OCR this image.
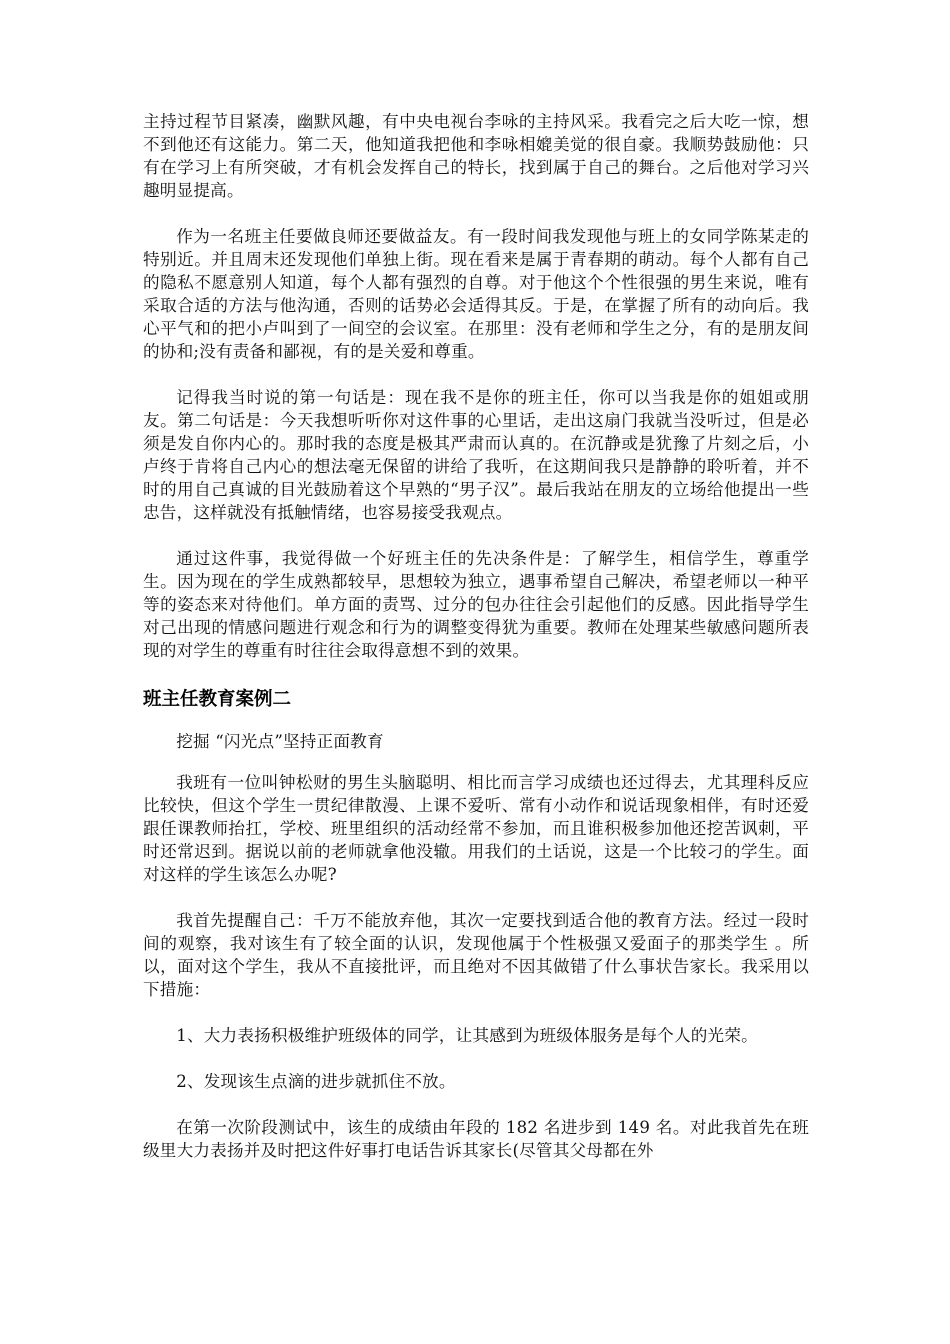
主持过程节目紧凑，幽默风趣，有中央电视台李咏的主持风采。我看完之后大吃一惊，想不到他还有这能力。第二天，他知道我把他和李咏相媲美觉的很自豪。我顺势鼓励他：只有在学习上有所突破，才有机会发挥自己的特长，找到属于自己的舞台。之后他对学习兴趣明显提高。

作为一名班主任要做良师还要做益友。有一段时间我发现他与班上的女同学陈某走的特别近。并且周末还发现他们单独上街。现在看来是属于青春期的萌动。每个人都有自己的隐私不愿意别人知道，每个人都有强烈的自尊。对于他这个个性很强的男生来说，唯有采取合适的方法与他沟通，否则的话势必会适得其反。于是，在掌握了所有的动向后。我心平气和的把小卢叫到了一间空的会议室。在那里：没有老师和学生之分，有的是朋友间的协和;没有责备和鄙视，有的是关爱和尊重。

记得我当时说的第一句话是：现在我不是你的班主任，你可以当我是你的姐姐或朋友。第二句话是：今天我想听听你对这件事的心里话，走出这扇门我就当没听过，但是必须是发自你内心的。那时我的态度是极其严肃而认真的。在沉静或是犹豫了片刻之后，小卢终于肯将自己内心的想法毫无保留的讲给了我听，在这期间我只是静静的聆听着，并不时的用自己真诚的目光鼓励着这个早熟的“男子汉”。最后我站在朋友的立场给他提出一些忠告，这样就没有抵触情绪，也容易接受我观点。

通过这件事，我觉得做一个好班主任的先决条件是：了解学生，相信学生，尊重学生。因为现在的学生成熟都较早，思想较为独立，遇事希望自己解决，希望老师以一种平等的姿态来对待他们。单方面的责骂、过分的包办往往会引起他们的反感。因此指导学生对己出现的情感问题进行观念和行为的调整变得犹为重要。教师在处理某些敏感问题所表现的对学生的尊重有时往往会取得意想不到的效果。

班主任教育案例二

挖掘 “闪光点”坚持正面教育

我班有一位叫钟松财的男生头脑聪明、相比而言学习成绩也还过得去，尤其理科反应比较快，但这个学生一贯纪律散漫、上课不爱听、常有小动作和说话现象相伴，有时还爱跟任课教师抬扛，学校、班里组织的活动经常不参加，而且谁积极参加他还挖苦讽刺，平时还常迟到。据说以前的老师就拿他没辙。用我们的土话说，这是一个比较刁的学生。面对这样的学生该怎么办呢?

我首先提醒自己：千万不能放弃他，其次一定要找到适合他的教育方法。经过一段时间的观察，我对该生有了较全面的认识，发现他属于个性极强又爱面子的那类学生 。所以，面对这个学生，我从不直接批评，而且绝对不因其做错了什么事状告家长。我采用以下措施：

1、大力表扬积极维护班级体的同学，让其感到为班级体服务是每个人的光荣。

2、发现该生点滴的进步就抓住不放。

在第一次阶段测试中，该生的成绩由年段的 182 名进步到 149 名。对此我首先在班级里大力表扬并及时把这件好事打电话告诉其家长(尽管其父母都在外
